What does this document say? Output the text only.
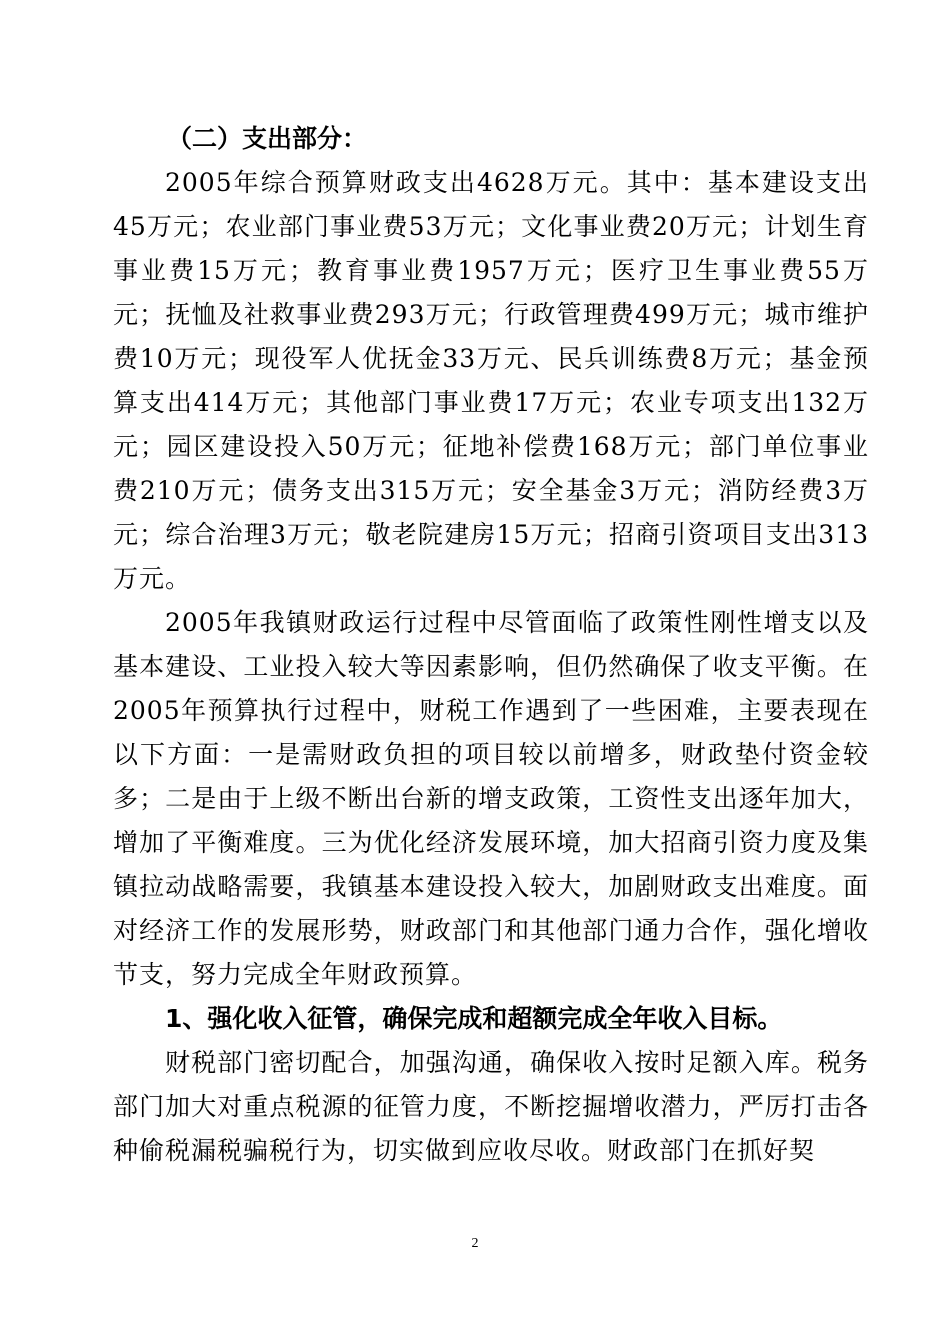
（二）支出部分：

2005年综合预算财政支出4628万元。其中：基本建设支出45万元；农业部门事业费53万元；文化事业费20万元；计划生育事业费15万元；教育事业费1957万元；医疗卫生事业费55万元；抚恤及社救事业费293万元；行政管理费499万元；城市维护费10万元；现役军人优抚金33万元、民兵训练费8万元；基金预算支出414万元；其他部门事业费17万元；农业专项支出132万元；园区建设投入50万元；征地补偿费168万元；部门单位事业费210万元；债务支出315万元；安全基金3万元；消防经费3万元；综合治理3万元；敬老院建房15万元；招商引资项目支出313万元。

2005年我镇财政运行过程中尽管面临了政策性刚性增支以及基本建设、工业投入较大等因素影响，但仍然确保了收支平衡。在2005年预算执行过程中，财税工作遇到了一些困难，主要表现在以下方面：一是需财政负担的项目较以前增多，财政垫付资金较多；二是由于上级不断出台新的增支政策，工资性支出逐年加大，增加了平衡难度。三为优化经济发展环境，加大招商引资力度及集镇拉动战略需要，我镇基本建设投入较大，加剧财政支出难度。面对经济工作的发展形势，财政部门和其他部门通力合作，强化增收节支，努力完成全年财政预算。

1、强化收入征管，确保完成和超额完成全年收入目标。

财税部门密切配合，加强沟通，确保收入按时足额入库。税务部门加大对重点税源的征管力度，不断挖掘增收潜力，严厉打击各种偷税漏税骗税行为，切实做到应收尽收。财政部门在抓好契

2
